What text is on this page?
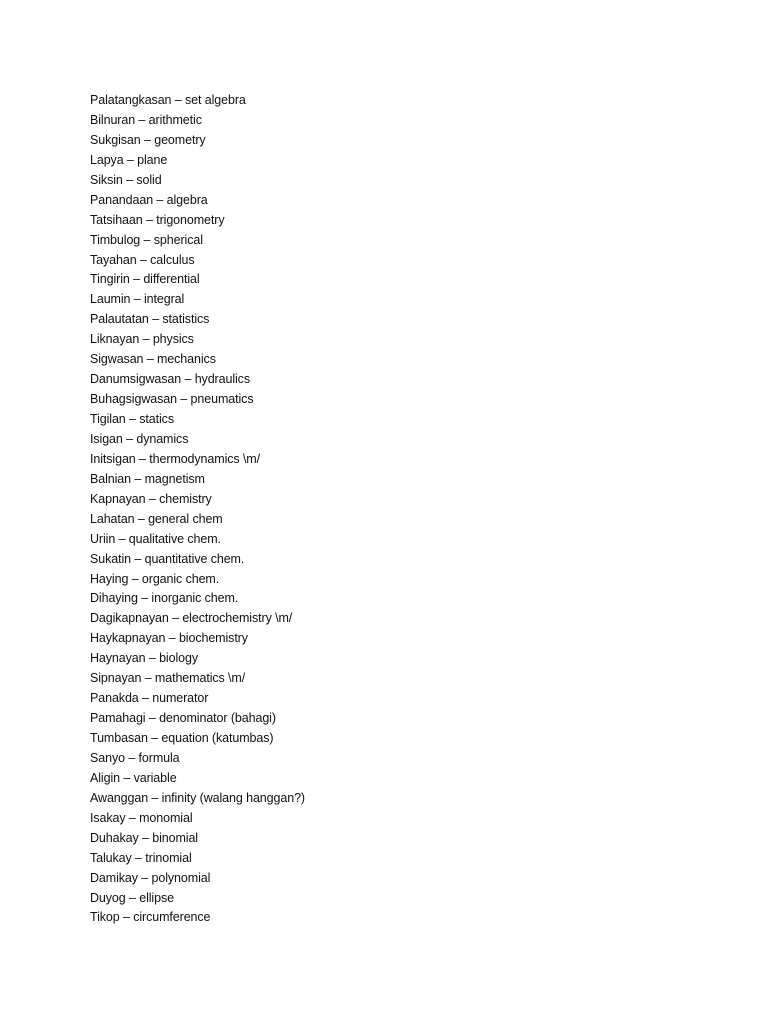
Palatangkasan – set algebra
Bilnuran – arithmetic
Sukgisan – geometry
Lapya – plane
Siksin – solid
Panandaan – algebra
Tatsihaan – trigonometry
Timbulog – spherical
Tayahan – calculus
Tingirin – differential
Laumin – integral
Palautatan – statistics
Liknayan – physics
Sigwasan – mechanics
Danumsigwasan – hydraulics
Buhagsigwasan – pneumatics
Tigilan – statics
Isigan – dynamics
Initsigan – thermodynamics \m/
Balnian – magnetism
Kapnayan – chemistry
Lahatan – general chem
Uriin – qualitative chem.
Sukatin – quantitative chem.
Haying – organic chem.
Dihaying – inorganic chem.
Dagikapnayan – electrochemistry \m/
Haykapnayan – biochemistry
Haynayan – biology
Sipnayan – mathematics \m/
Panakda – numerator
Pamahagi – denominator (bahagi)
Tumbasan – equation (katumbas)
Sanyo – formula
Aligin – variable
Awanggan – infinity (walang hanggan?)
Isakay – monomial
Duhakay – binomial
Talukay – trinomial
Damikay – polynomial
Duyog – ellipse
Tikop – circumference
